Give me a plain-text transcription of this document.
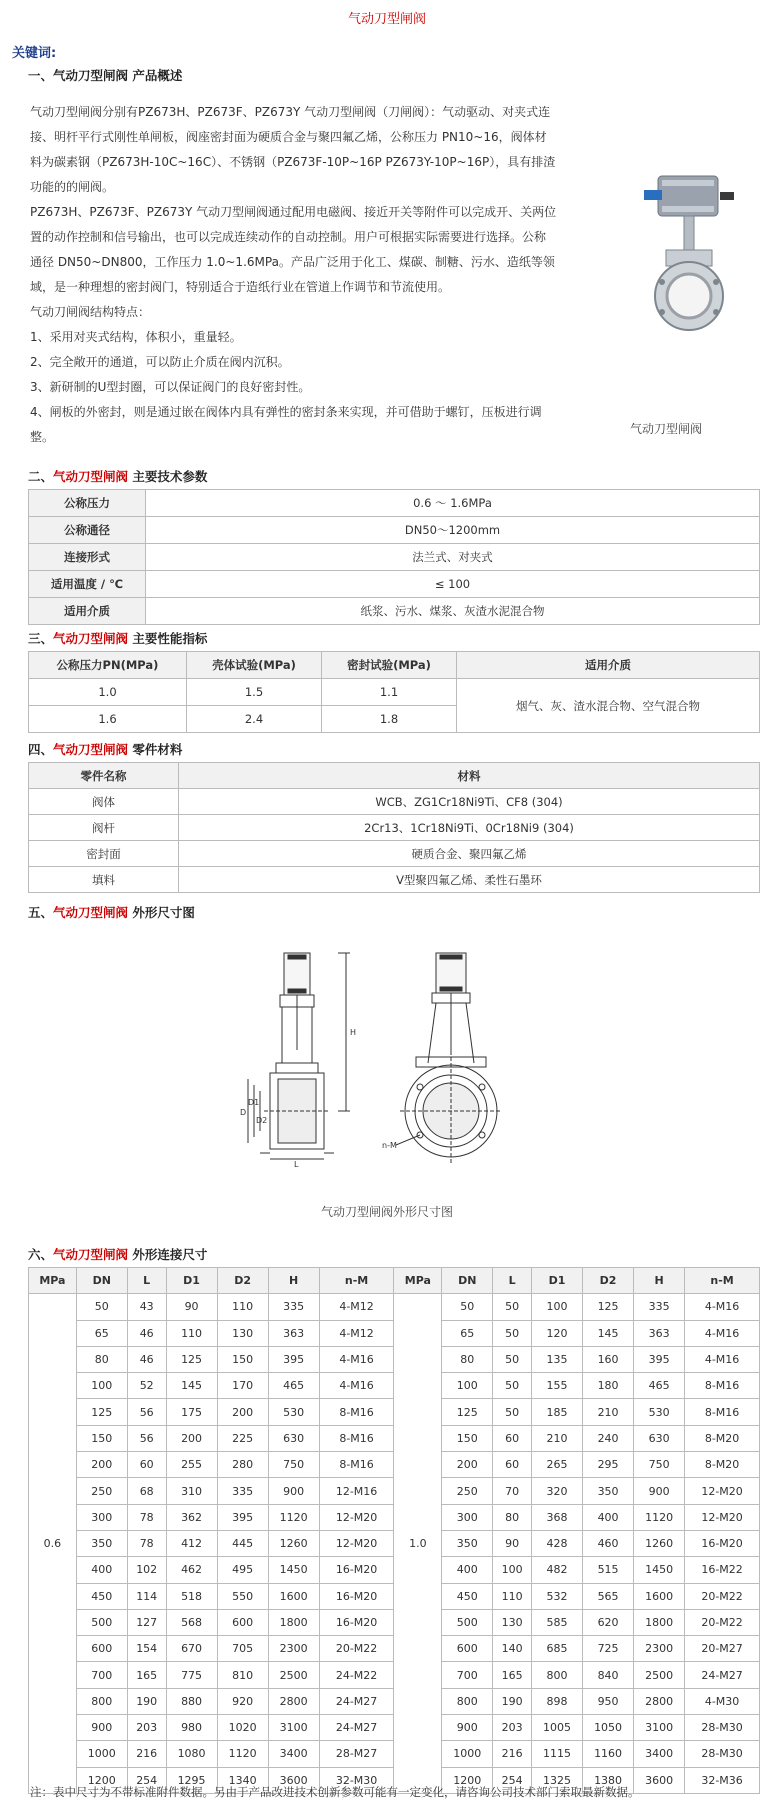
气动刀型闸阀
关键词:
一、气动刀型闸阀 产品概述

气动刀型闸阀分别有PZ673H、PZ673F、PZ673Y 气动刀型闸阀（刀闸阀）：气动驱动、对夹式连

接、明杆平行式刚性单闸板，阀座密封面为硬质合金与聚四氟乙烯，公称压力 PN10~16，阀体材

料为碳素钢（PZ673H-10C~16C）、不锈钢（PZ673F-10P~16P PZ673Y-10P~16P），具有排渣

功能的的闸阀。

PZ673H、PZ673F、PZ673Y 气动刀型闸阀通过配用电磁阀、接近开关等附件可以完成开、关两位

置的动作控制和信号输出，也可以完成连续动作的自动控制。用户可根据实际需要进行选择。公称

通径 DN50~DN800，工作压力 1.0~1.6MPa。产品广泛用于化工、煤碳、制糖、污水、造纸等领

域，是一种理想的密封阀门，特别适合于造纸行业在管道上作调节和节流使用。

气动刀闸阀结构特点：

1、采用对夹式结构，体积小，重量轻。

2、完全敞开的通道，可以防止介质在阀内沉积。

3、新研制的U型封圈，可以保证阀门的良好密封性。

4、闸板的外密封，则是通过嵌在阀体内具有弹性的密封条来实现，并可借助于螺钉，压板进行调

整。

气动刀型闸阀
二、气动刀型闸阀 主要技术参数
公称压力	0.6 ～ 1.6MPa
公称通径	DN50～1200mm
连接形式	法兰式、对夹式
适用温度 / ℃	≤ 100
适用介质	纸浆、污水、煤浆、灰渣水泥混合物
三、气动刀型闸阀 主要性能指标
公称压力PN(MPa)	壳体试验(MPa)	密封试验(MPa)	适用介质
1.0	1.5	1.1	烟气、灰、渣水混合物、空气混合物
1.6	2.4	1.8	
四、气动刀型闸阀 零件材料
零件名称	材料
阀体	WCB、ZG1Cr18Ni9Ti、CF8 (304)
阀杆	2Cr13、1Cr18Ni9Ti、0Cr18Ni9 (304)
密封面	硬质合金、聚四氟乙烯
填料	V型聚四氟乙烯、柔性石墨环
五、气动刀型闸阀 外形尺寸图
H
L
n-M
D
D1
D2
气动刀型闸阀外形尺寸图
六、气动刀型闸阀 外形连接尺寸
MPa	DN	L	D1	D2	H	n-M	MPa	DN	L	D1	D2	H	n-M
0.6	50	43	90	110	335	4-M12	1.0	50	50	100	125	335	4-M16
	65	46	110	130	363	4-M12		65	50	120	145	363	4-M16
	80	46	125	150	395	4-M16		80	50	135	160	395	4-M16
	100	52	145	170	465	4-M16		100	50	155	180	465	8-M16
	125	56	175	200	530	8-M16		125	50	185	210	530	8-M16
	150	56	200	225	630	8-M16		150	60	210	240	630	8-M20
	200	60	255	280	750	8-M16		200	60	265	295	750	8-M20
	250	68	310	335	900	12-M16		250	70	320	350	900	12-M20
	300	78	362	395	1120	12-M20		300	80	368	400	1120	12-M20
	350	78	412	445	1260	12-M20		350	90	428	460	1260	16-M20
	400	102	462	495	1450	16-M20		400	100	482	515	1450	16-M22
	450	114	518	550	1600	16-M20		450	110	532	565	1600	20-M22
	500	127	568	600	1800	16-M20		500	130	585	620	1800	20-M22
	600	154	670	705	2300	20-M22		600	140	685	725	2300	20-M27
	700	165	775	810	2500	24-M22		700	165	800	840	2500	24-M27
	800	190	880	920	2800	24-M27		800	190	898	950	2800	4-M30
	900	203	980	1020	3100	24-M27		900	203	1005	1050	3100	28-M30
	1000	216	1080	1120	3400	28-M27		1000	216	1115	1160	3400	28-M30
	1200	254	1295	1340	3600	32-M30		1200	254	1325	1380	3600	32-M36
注：表中尺寸为不带标准附件数据。另由于产品改进技术创新参数可能有一定变化，请咨询公司技术部门索取最新数据。
